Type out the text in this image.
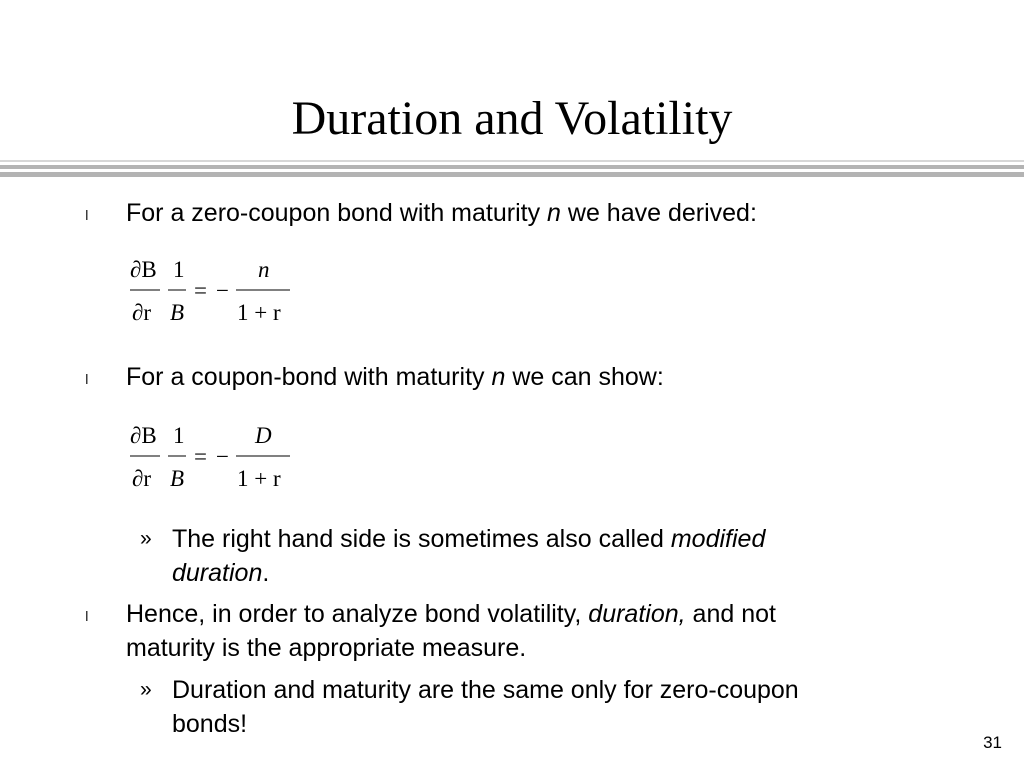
Duration and Volatility
l For a zero-coupon bond with maturity n we have derived:
∂B
∂r
1
B
= −
n
1 + r
l For a coupon-bond with maturity n we can show:
∂B
∂r
1
B
= −
D
1 + r
» The right hand side is sometimes also called modified
duration.
l Hence, in order to analyze bond volatility, duration, and not
maturity is the appropriate measure.
» Duration and maturity are the same only for zero-coupon
bonds!
31
